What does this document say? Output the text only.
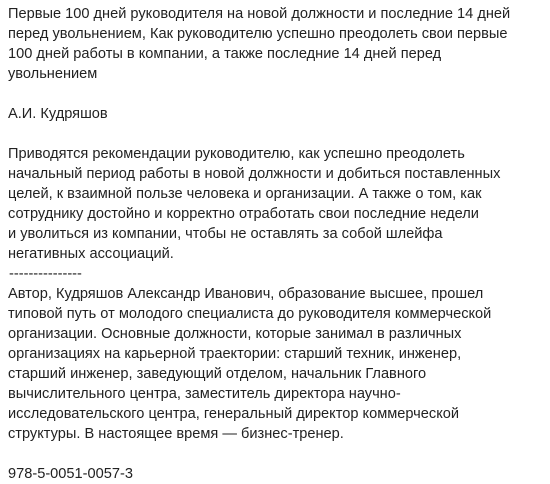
Первые 100 дней руководителя на новой должности и последние 14 дней
перед увольнением, Как руководителю успешно преодолеть свои первые
100 дней работы в компании, а также последние 14 дней перед
увольнением

А.И. Кудряшов

Приводятся рекомендации руководителю, как успешно преодолеть
начальный период работы в новой должности и добиться поставленных
целей, к взаимной пользе человека и организации. А также о том, как
сотруднику достойно и корректно отработать свои последние недели
и уволиться из компании, чтобы не оставлять за собой шлейфа
негативных ассоциаций.

---------------

Автор, Кудряшов Александр Иванович, образование высшее, прошел
типовой путь от молодого специалиста до руководителя коммерческой
организации. Основные должности, которые занимал в различных
организациях на карьерной траектории: старший техник, инженер,
старший инженер, заведующий отделом, начальник Главного
вычислительного центра, заместитель директора научно-
исследовательского центра, генеральный директор коммерческой
структуры. В настоящее время — бизнес-тренер.

978-5-0051-0057-3
